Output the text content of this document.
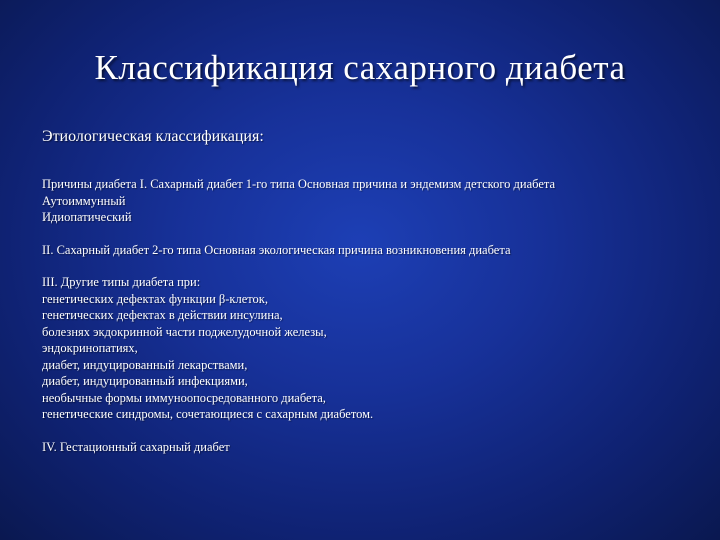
Классификация сахарного диабета
Этиологическая классификация:

Причины диабета I. Сахарный диабет 1-го типа Основная причина и эндемизм детского диабета

Аутоиммунный

Идиопатический

II. Сахарный диабет 2-го типа Основная экологическая причина возникновения диабета

III. Другие типы диабета при:
генетических дефектах функции β-клеток,
генетических дефектах в действии инсулина,
болезнях экдокринной части поджелудочной железы,
эндокринопатиях,
диабет, индуцированный лекарствами,
диабет, индуцированный инфекциями,
необычные формы иммуноопосредованного диабета,
генетические синдромы, сочетающиеся с сахарным диабетом.

IV. Гестационный сахарный диабет
